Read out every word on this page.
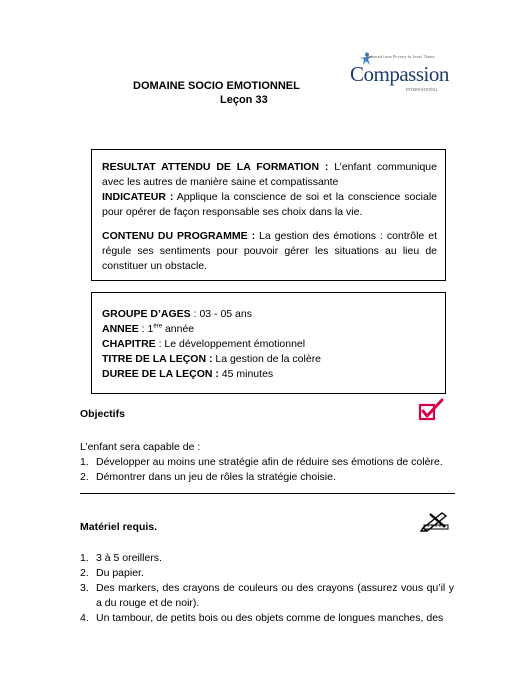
DOMAINE SOCIO EMOTIONNEL
Leçon 33
Released from Poverty in Jesus' Name
Compassion
INTERNATIONAL
RESULTAT ATTENDU DE LA FORMATION : L’enfant communique avec les autres de manière saine et compatissante
INDICATEUR : Applique la conscience de soi et la conscience sociale pour opérer de façon responsable ses choix dans la vie.
CONTENU DU PROGRAMME : La gestion des émotions : contrôle et régule ses sentiments pour pouvoir gérer les situations au lieu de constituer un obstacle.
GROUPE D’AGES : 03 - 05 ans
ANNEE : 1ère année
CHAPITRE : Le développement émotionnel
TITRE DE LA LEÇON : La gestion de la colère
DUREE DE LA LEÇON : 45 minutes
Objectifs
L’enfant sera capable de :
1. Développer au moins une stratégie afin de réduire ses émotions de colère.
2. Démontrer dans un jeu de rôles la stratégie choisie.
Matériel requis.
1. 3 à 5 oreillers.
2. Du papier.
3. Des markers, des crayons de couleurs ou des crayons (assurez vous qu’il y a du rouge et de noir).
4. Un tambour, de petits bois ou des objets comme de longues manches, des
